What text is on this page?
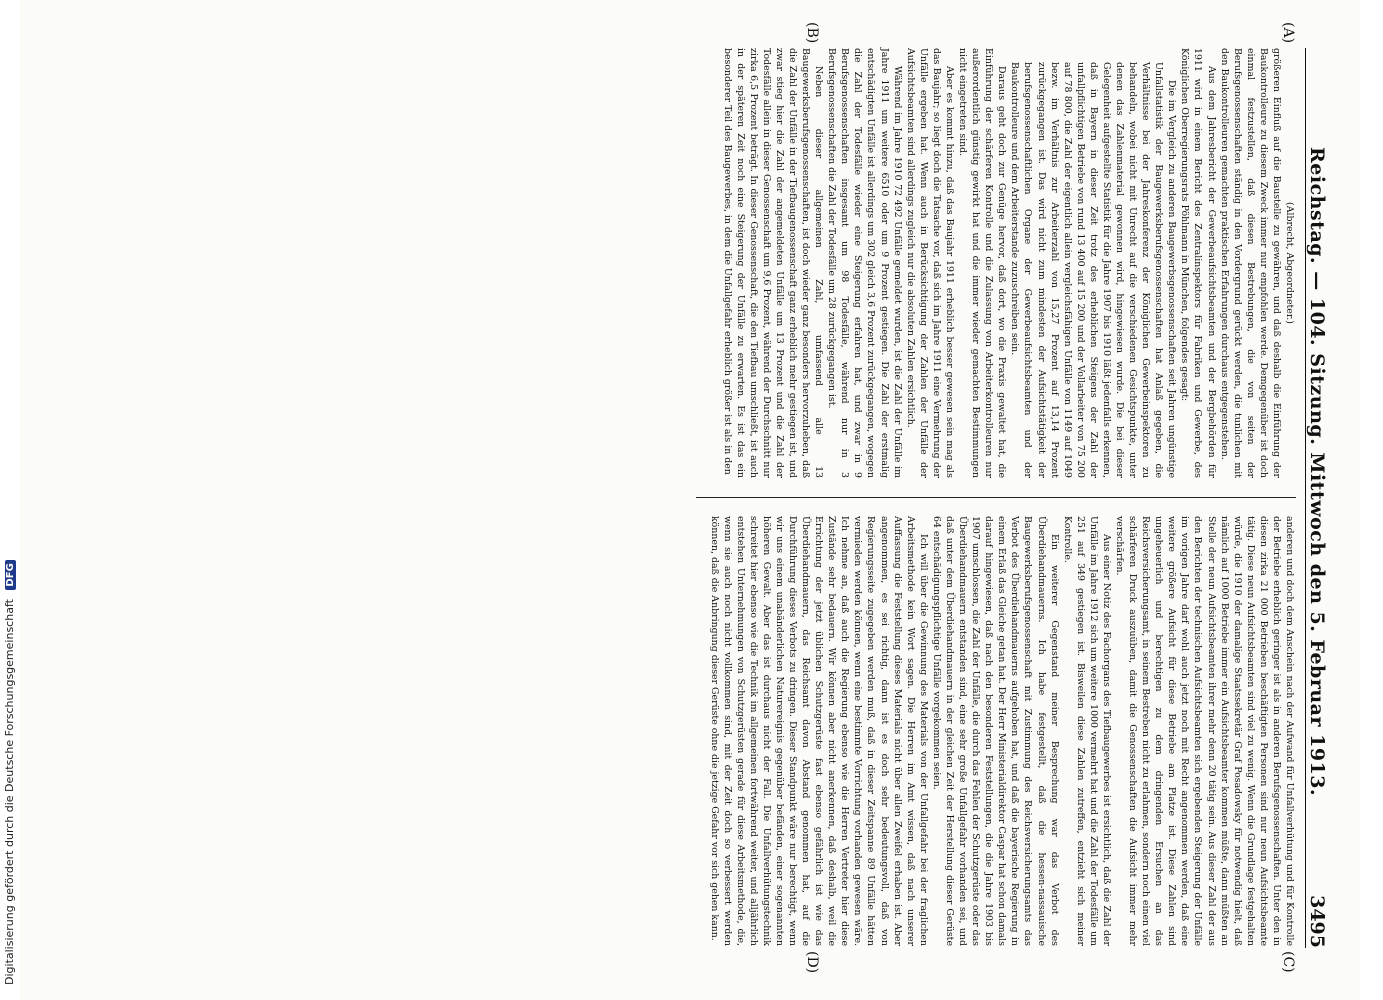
Digitalisierung gefördert durch die Deutsche Forschungsgemeinschaft DFG	Reichstag. — 104. Sitzung. Mittwoch den 5. Februar 1913.
3495
(A)
(B)
(C)
(D)

(Albrecht, Abgeordneter.)

größeren Einfluß auf die Baustelle zu gewähren, und daß deshalb die Einführung der Baukontrolleure zu diesem Zweck immer nur empfohlen werde. Demgegenüber ist doch einmal festzustellen, daß diesen Bestrebungen, die von seiten der Berufsgenossenschaften ständig in den Vordergrund gerückt werden, die tunlichen mit den Baukontrolleuren gemachten praktischen Erfahrungen durchaus entgegenstehen.

Aus dem Jahresbericht der Gewerbeaufsichtsbeamten und der Bergbehörden für 1911 wird in einem Bericht des Zentralinspektors für Fabriken und Gewerbe, des Königlichen Oberregierungsrats Pöhlmann in München, folgendes gesagt:

Die im Vergleich zu anderen Baugewerbsgenossenschaften seit Jahren ungünstige Unfallstatistik der Baugewerksberufsgenossenschaften hat Anlaß gegeben, die Verhältnisse bei der Jahreskonferenz der Königlichen Gewerbeinspektoren zu behandeln, wobei nicht mit Unrecht auf die verschiedenen Gesichtspunkte, unter denen das Zahlenmaterial gewonnen wird, hingewiesen wurde. Die bei dieser Gelegenheit aufgestellte Statistik für die Jahre 1907 bis 1910 läßt jedenfalls erkennen, daß in Bayern in dieser Zeit trotz des erheblichen Steigens der Zahl der unfallpflichtigen Betriebe von rund 13 400 auf 15 200 und der Vollarbeiter von 75 200 auf 78 800, die Zahl der eigentlich allein vergleichsfähigen Unfälle von 1149 auf 1049 bezw. im Verhältnis zur Arbeiterzahl von 15,27 Prozent auf 13,14 Prozent zurückgegangen ist. Das wird nicht zum mindesten der Aufsichtstätigkeit der berufsgenossenschaftlichen Organe der Gewerbeaufsichtsbeamten und der Baukontrolleure und dem Arbeiterstande zuzuschreiben sein.

Daraus geht doch zur Genüge hervor, daß dort, wo die Praxis gewaltet hat, die Einführung der schärferen Kontrolle und die Zulassung von Arbeiterkontrolleuren nur außerordentlich günstig gewirkt hat und die immer wieder gemachten Bestimmungen nicht eingetreten sind.

Aber es kommt hinzu, daß das Baujahr 1911 erheblich besser gewesen sein mag als das Baujahr; so liegt doch die Tatsache vor, daß sich im Jahre 1911 eine Vermehrung der Unfälle ergeben hat. Wenn auch in Berücksichtigung der Zahlen der Unfälle der Aufsichtsbeamten sind allerdings zugleich nur die absoluten Zahlen ersichtlich.

Während im Jahre 1910 72 492 Unfälle gemeldet wurden, ist die Zahl der Unfälle im Jahre 1911 um weitere 6510 oder um 9 Prozent gestiegen. Die Zahl der erstmalig entschädigten Unfälle ist allerdings um 302 gleich 3,6 Prozent zurückgegangen, wogegen die Zahl der Todesfälle wieder eine Steigerung erfahren hat, und zwar in 9 Berufsgenossenschaften insgesamt um 98 Todesfälle, während nur in 3 Berufsgenossenschaften die Zahl der Todesfälle um 28 zurückgegangen ist.

Neben dieser allgemeinen Zahl, umfassend alle 13 Baugewerksberufsgenossenschaften, ist doch wieder ganz besonders hervorzuheben, daß die Zahl der Unfälle in der Tiefbaugenossenschaft ganz erheblich mehr gestiegen ist, und zwar stieg hier die Zahl der angemeldeten Unfälle um 13 Prozent und die Zahl der Todesfälle allein in dieser Genossenschaft um 9,6 Prozent, während der Durchschnitt nur zirka 6,5 Prozent beträgt. In dieser Genossenschaft, die den Tiefbau umschließt, ist auch in der späteren Zeit noch eine Steigerung der Unfälle zu erwarten. Es ist das ein besonderer Teil des Baugewerbes, in dem die Unfallgefahr erheblich größer ist als in den

anderen und doch dem Anschein nach der Aufwand für Unfallverhütung und für Kontrolle der Betriebe erheblich geringer ist als in anderen Berufsgenossenschaften. Unter den in diesen zirka 21 000 Betrieben beschäftigten Personen sind nur neun Aufsichtsbeamte tätig. Diese neun Aufsichtsbeamten sind viel zu wenig. Wenn die Grundlage festgehalten würde, die 1910 der damalige Staatssekretär Graf Posadowsky für notwendig hielt, daß nämlich auf 1000 Betriebe immer ein Aufsichtsbeamter kommen müßte, dann müßten an Stelle der neun Aufsichtsbeamten ihrer mehr denn 20 tätig sein. Aus dieser Zahl der aus den Berichten der technischen Aufsichtsbeamten sich ergebenden Steigerung der Unfälle im vorigen Jahre darf wohl auch jetzt noch mit Recht angenommen werden, daß eine weitere größere Aufsicht für diese Betriebe am Platze ist. Diese Zahlen sind ungeheuerlich und berechtigen zu dem dringenden Ersuchen an das Reichsversicherungsamt, in seinem Bestreben nicht zu erlahmen, sondern noch einen viel schärferen Druck auszuüben, damit die Genossenschaften die Aufsicht immer mehr verschärfen.

Aus einer Notiz des Fachorgans des Tiefbaugewerbes ist ersichtlich, daß die Zahl der Unfälle im Jahre 1912 sich um weitere 1000 vermehrt hat und die Zahl der Todesfälle um 251 auf 349 gestiegen ist. Bisweilen diese Zahlen zutreffen, entzieht sich meiner Kontrolle.

Ein weiterer Gegenstand meiner Besprechung war das Verbot des Überdiehandmauerns. Ich habe festgestellt, daß die hessen-nassauische Baugewerksberufsgenossenschaft mit Zustimmung des Reichsversicherungsamts das Verbot des Überdiehandmauerns aufgehoben hat, und daß die bayerische Regierung in einem Erlaß das Gleiche getan hat. Der Herr Ministerialdirektor Caspar hat schon damals darauf hingewiesen, daß nach den besonderen Feststellungen, die die Jahre 1903 bis 1907 umschlossen, die Zahl der Unfälle, die durch das Fehlen der Schutzgerüste oder das Überdiehandmauern entstanden sind, eine sehr große Unfallgefahr vorhanden sei, und daß unter dem Überdiehandmauern in der gleichen Zeit der Herstellung dieser Gerüste 64 entschädigungspflichtige Unfälle vorgekommen seien.

Ich will über die Gewinnung des Materials von der Unfallgefahr bei der fraglichen Arbeitsmethode kein Wort sagen. Die Herren im Amt wissen, daß nach unserer Auffassung die Feststellung dieses Materials nicht über allen Zweifel erhaben ist. Aber angenommen, es sei richtig, dann ist es doch sehr bedeutungsvoll, daß von Regierungsseite zugegeben werden muß, daß in dieser Zeitspanne 89 Unfälle hätten vermieden werden können, wenn eine bestimmte Vorrichtung vorhanden gewesen wäre. Ich nehme an, daß auch die Regierung ebenso wie die Herren Vertreter hier diese Zustände sehr bedauern. Wir können aber nicht anerkennen, daß deshalb, weil die Errichtung der jetzt üblichen Schutzgerüste fast ebenso gefährlich ist wie das Überdiehandmauern, das Reichsamt davon Abstand genommen hat, auf die Durchführung dieses Verbots zu dringen. Dieser Standpunkt wäre nur berechtigt, wenn wir uns einem unabänderlichen Naturereignis gegenüber befänden, einer sogenannten höheren Gewalt. Aber das ist durchaus nicht der Fall. Die Unfallverhütungstechnik schreitet hier ebenso wie die Technik im allgemeinen fortwährend weiter, und alljährlich entstehen Unternehmungen von Schutzgerüsten gerade für diese Arbeitsmethode, die, wenn sie auch noch nicht vollkommen sind, mit der Zeit doch so verbessert werden können, daß die Anbringung dieser Gerüste ohne die jetzige Gefahr vor sich gehen kann.
